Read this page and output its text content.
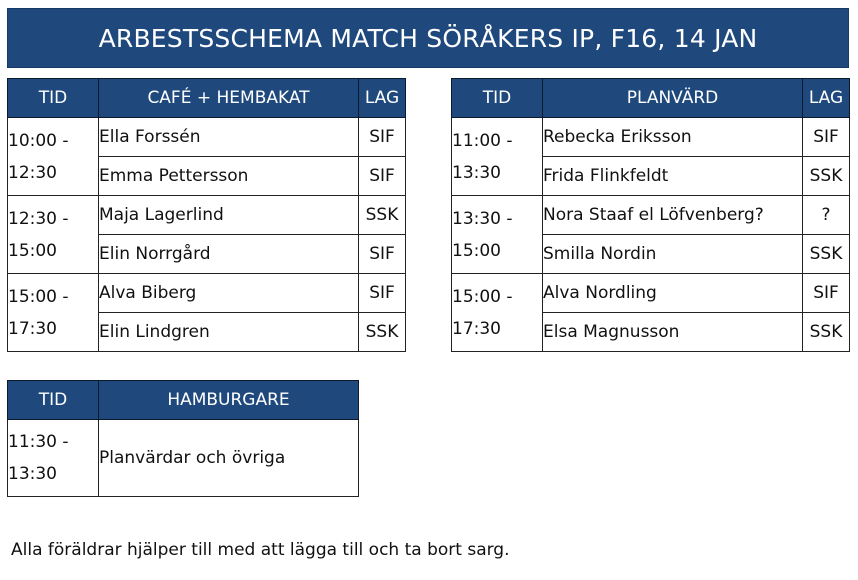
ARBESTSSCHEMA MATCH SÖRÅKERS IP, F16, 14 JAN
TID	CAFÉ + HEMBAKAT	LAG
10:00 - 12:30	Ella Forssén	SIF
	Emma Pettersson	SIF
12:30 - 15:00	Maja Lagerlind	SSK
	Elin Norrgård	SIF
15:00 - 17:30	Alva Biberg	SIF
	Elin Lindgren	SSK
TID	PLANVÄRD	LAG
11:00 - 13:30	Rebecka Eriksson	SIF
	Frida Flinkfeldt	SSK
13:30 - 15:00	Nora Staaf el Löfvenberg?	?
	Smilla Nordin	SSK
15:00 - 17:30	Alva Nordling	SIF
	Elsa Magnusson	SSK
TID	HAMBURGARE
11:30 - 13:30	Planvärdar och övriga
Alla föräldrar hjälper till med att lägga till och ta bort sarg.
